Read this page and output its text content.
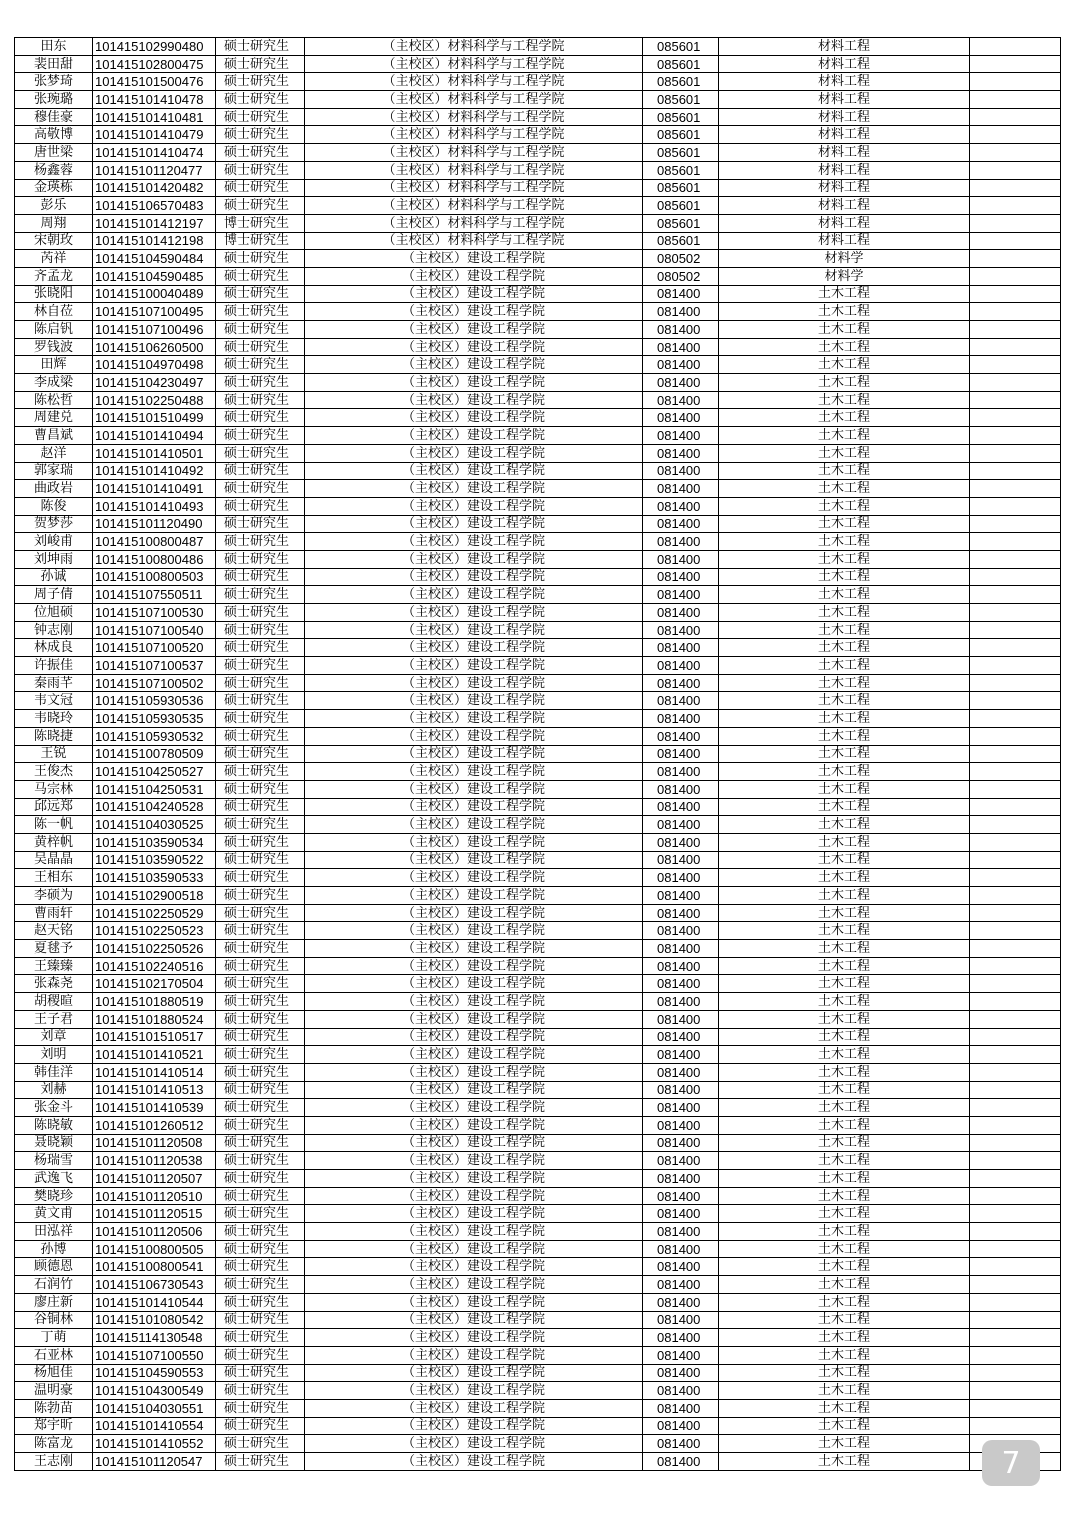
田东	101415102990480	硕士研究生	（主校区）材料科学与工程学院	085601	材料工程	
裴田甜	101415102800475	硕士研究生	（主校区）材料科学与工程学院	085601	材料工程	
张梦琦	101415101500476	硕士研究生	（主校区）材料科学与工程学院	085601	材料工程	
张琬璐	101415101410478	硕士研究生	（主校区）材料科学与工程学院	085601	材料工程	
穆佳豪	101415101410481	硕士研究生	（主校区）材料科学与工程学院	085601	材料工程	
高敬博	101415101410479	硕士研究生	（主校区）材料科学与工程学院	085601	材料工程	
唐世梁	101415101410474	硕士研究生	（主校区）材料科学与工程学院	085601	材料工程	
杨鑫蓉	101415101120477	硕士研究生	（主校区）材料科学与工程学院	085601	材料工程	
金瑛栋	101415101420482	硕士研究生	（主校区）材料科学与工程学院	085601	材料工程	
彭乐	101415106570483	硕士研究生	（主校区）材料科学与工程学院	085601	材料工程	
周翔	101415101412197	博士研究生	（主校区）材料科学与工程学院	085601	材料工程	
宋朝玫	101415101412198	博士研究生	（主校区）材料科学与工程学院	085601	材料工程	
芮祥	101415104590484	硕士研究生	（主校区）建设工程学院	080502	材料学	
齐孟龙	101415104590485	硕士研究生	（主校区）建设工程学院	080502	材料学	
张晓阳	101415100040489	硕士研究生	（主校区）建设工程学院	081400	土木工程	
林自莅	101415107100495	硕士研究生	（主校区）建设工程学院	081400	土木工程	
陈启钒	101415107100496	硕士研究生	（主校区）建设工程学院	081400	土木工程	
罗钱波	101415106260500	硕士研究生	（主校区）建设工程学院	081400	土木工程	
田辉	101415104970498	硕士研究生	（主校区）建设工程学院	081400	土木工程	
李成梁	101415104230497	硕士研究生	（主校区）建设工程学院	081400	土木工程	
陈松哲	101415102250488	硕士研究生	（主校区）建设工程学院	081400	土木工程	
周建兑	101415101510499	硕士研究生	（主校区）建设工程学院	081400	土木工程	
曹昌斌	101415101410494	硕士研究生	（主校区）建设工程学院	081400	土木工程	
赵洋	101415101410501	硕士研究生	（主校区）建设工程学院	081400	土木工程	
郭家瑞	101415101410492	硕士研究生	（主校区）建设工程学院	081400	土木工程	
曲政岩	101415101410491	硕士研究生	（主校区）建设工程学院	081400	土木工程	
陈俊	101415101410493	硕士研究生	（主校区）建设工程学院	081400	土木工程	
贺梦莎	101415101120490	硕士研究生	（主校区）建设工程学院	081400	土木工程	
刘峻甫	101415100800487	硕士研究生	（主校区）建设工程学院	081400	土木工程	
刘坤雨	101415100800486	硕士研究生	（主校区）建设工程学院	081400	土木工程	
孙诚	101415100800503	硕士研究生	（主校区）建设工程学院	081400	土木工程	
周子倩	101415107550511	硕士研究生	（主校区）建设工程学院	081400	土木工程	
位旭硕	101415107100530	硕士研究生	（主校区）建设工程学院	081400	土木工程	
钟志刚	101415107100540	硕士研究生	（主校区）建设工程学院	081400	土木工程	
林成良	101415107100520	硕士研究生	（主校区）建设工程学院	081400	土木工程	
许振佳	101415107100537	硕士研究生	（主校区）建设工程学院	081400	土木工程	
秦雨芊	101415107100502	硕士研究生	（主校区）建设工程学院	081400	土木工程	
韦文冠	101415105930536	硕士研究生	（主校区）建设工程学院	081400	土木工程	
韦晓玲	101415105930535	硕士研究生	（主校区）建设工程学院	081400	土木工程	
陈晓捷	101415105930532	硕士研究生	（主校区）建设工程学院	081400	土木工程	
王锐	101415100780509	硕士研究生	（主校区）建设工程学院	081400	土木工程	
王俊杰	101415104250527	硕士研究生	（主校区）建设工程学院	081400	土木工程	
马宗林	101415104250531	硕士研究生	（主校区）建设工程学院	081400	土木工程	
邱远郑	101415104240528	硕士研究生	（主校区）建设工程学院	081400	土木工程	
陈一帆	101415104030525	硕士研究生	（主校区）建设工程学院	081400	土木工程	
黄梓帆	101415103590534	硕士研究生	（主校区）建设工程学院	081400	土木工程	
吴晶晶	101415103590522	硕士研究生	（主校区）建设工程学院	081400	土木工程	
王相东	101415103590533	硕士研究生	（主校区）建设工程学院	081400	土木工程	
李硕为	101415102900518	硕士研究生	（主校区）建设工程学院	081400	土木工程	
曹雨轩	101415102250529	硕士研究生	（主校区）建设工程学院	081400	土木工程	
赵天铭	101415102250523	硕士研究生	（主校区）建设工程学院	081400	土木工程	
夏毬予	101415102250526	硕士研究生	（主校区）建设工程学院	081400	土木工程	
王臻臻	101415102240516	硕士研究生	（主校区）建设工程学院	081400	土木工程	
张森尧	101415102170504	硕士研究生	（主校区）建设工程学院	081400	土木工程	
胡稷暄	101415101880519	硕士研究生	（主校区）建设工程学院	081400	土木工程	
王子君	101415101880524	硕士研究生	（主校区）建设工程学院	081400	土木工程	
刘章	101415101510517	硕士研究生	（主校区）建设工程学院	081400	土木工程	
刘明	101415101410521	硕士研究生	（主校区）建设工程学院	081400	土木工程	
韩佳洋	101415101410514	硕士研究生	（主校区）建设工程学院	081400	土木工程	
刘赫	101415101410513	硕士研究生	（主校区）建设工程学院	081400	土木工程	
张金斗	101415101410539	硕士研究生	（主校区）建设工程学院	081400	土木工程	
陈晓敏	101415101260512	硕士研究生	（主校区）建设工程学院	081400	土木工程	
聂晓颖	101415101120508	硕士研究生	（主校区）建设工程学院	081400	土木工程	
杨瑞雪	101415101120538	硕士研究生	（主校区）建设工程学院	081400	土木工程	
武逸飞	101415101120507	硕士研究生	（主校区）建设工程学院	081400	土木工程	
樊晓珍	101415101120510	硕士研究生	（主校区）建设工程学院	081400	土木工程	
黄文甫	101415101120515	硕士研究生	（主校区）建设工程学院	081400	土木工程	
田泓祥	101415101120506	硕士研究生	（主校区）建设工程学院	081400	土木工程	
孙博	101415100800505	硕士研究生	（主校区）建设工程学院	081400	土木工程	
顾德恩	101415100800541	硕士研究生	（主校区）建设工程学院	081400	土木工程	
石润竹	101415106730543	硕士研究生	（主校区）建设工程学院	081400	土木工程	
廖庄新	101415101410544	硕士研究生	（主校区）建设工程学院	081400	土木工程	
谷铜林	101415101080542	硕士研究生	（主校区）建设工程学院	081400	土木工程	
丁萌	101415114130548	硕士研究生	（主校区）建设工程学院	081400	土木工程	
石亚林	101415107100550	硕士研究生	（主校区）建设工程学院	081400	土木工程	
杨旭佳	101415104590553	硕士研究生	（主校区）建设工程学院	081400	土木工程	
温明豪	101415104300549	硕士研究生	（主校区）建设工程学院	081400	土木工程	
陈勃苗	101415104030551	硕士研究生	（主校区）建设工程学院	081400	土木工程	
郑宇昕	101415101410554	硕士研究生	（主校区）建设工程学院	081400	土木工程	
陈富龙	101415101410552	硕士研究生	（主校区）建设工程学院	081400	土木工程	
王志刚	101415101120547	硕士研究生	（主校区）建设工程学院	081400	土木工程		7
